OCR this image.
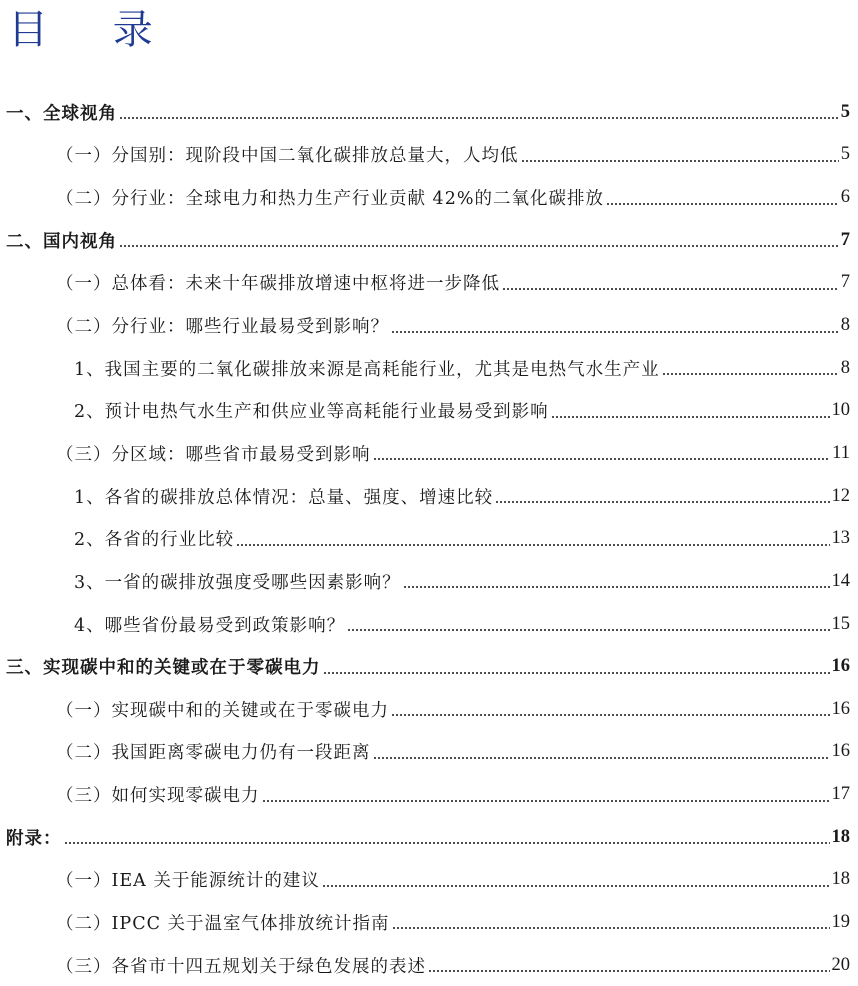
目 录
一、全球视角	5
（一）分国别：现阶段中国二氧化碳排放总量大，人均低	5
（二）分行业：全球电力和热力生产行业贡献 42%的二氧化碳排放	6
二、国内视角	7
（一）总体看：未来十年碳排放增速中枢将进一步降低	7
（二）分行业：哪些行业最易受到影响？	8
1、我国主要的二氧化碳排放来源是高耗能行业，尤其是电热气水生产业	8
2、预计电热气水生产和供应业等高耗能行业最易受到影响	10
（三）分区域：哪些省市最易受到影响	11
1、各省的碳排放总体情况：总量、强度、增速比较	12
2、各省的行业比较	13
3、一省的碳排放强度受哪些因素影响？	14
4、哪些省份最易受到政策影响？	15
三、实现碳中和的关键或在于零碳电力	16
（一）实现碳中和的关键或在于零碳电力	16
（二）我国距离零碳电力仍有一段距离	16
（三）如何实现零碳电力	17
附录：	18
（一）IEA 关于能源统计的建议	18
（二）IPCC 关于温室气体排放统计指南	19
（三）各省市十四五规划关于绿色发展的表述	20
